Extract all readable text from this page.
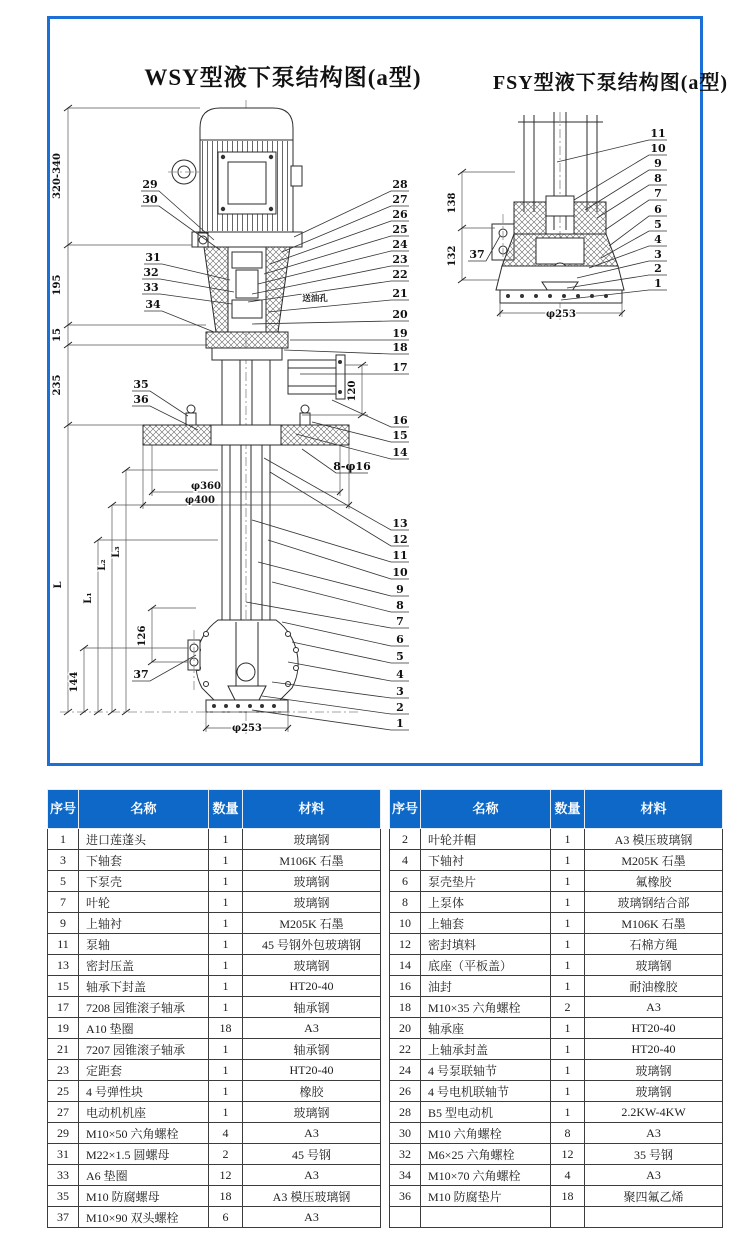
29
30
31
32
33
34
35
36
37
28
27
26
25
24
23
22
21
20
19
18
17
16
15
14
8-φ16
13
12
11
10
9
8
7
6
5
4
3
2
1
320-340
195
15
235
L
144
L₁
L₂
L₃
126
120
φ360
φ400
φ253
送油孔
37
11
10
9
8
7
6
5
4
3
2
1
138
132
φ253
WSY型液下泵结构图(a型)	FSY型液下泵结构图(a型)
序号	名称	数量	材料
1	进口莲蓬头	1	玻璃钢
3	下轴套	1	M106K 石墨
5	下泵壳	1	玻璃钢
7	叶轮	1	玻璃钢
9	上轴衬	1	M205K 石墨
11	泵轴	1	45 号钢外包玻璃钢
13	密封压盖	1	玻璃钢
15	轴承下封盖	1	HT20-40
17	7208 园锥滚子轴承	1	轴承钢
19	A10 垫圈	18	A3
21	7207 园锥滚子轴承	1	轴承钢
23	定距套	1	HT20-40
25	4 号弹性块	1	橡胶
27	电动机机座	1	玻璃钢
29	M10×50 六角螺栓	4	A3
31	M22×1.5 圆螺母	2	45 号钢
33	A6 垫圈	12	A3
35	M10 防腐螺母	18	A3 模压玻璃钢
37	M10×90 双头螺栓	6	A3
序号	名称	数量	材料
2	叶轮并帽	1	A3 模压玻璃钢
4	下轴衬	1	M205K 石墨
6	泵壳垫片	1	氟橡胶
8	上泵体	1	玻璃钢结合部
10	上轴套	1	M106K 石墨
12	密封填料	1	石棉方绳
14	底座（平板盖）	1	玻璃钢
16	油封	1	耐油橡胶
18	M10×35 六角螺栓	2	A3
20	轴承座	1	HT20-40
22	上轴承封盖	1	HT20-40
24	4 号泵联轴节	1	玻璃钢
26	4 号电机联轴节	1	玻璃钢
28	B5 型电动机	1	2.2KW-4KW
30	M10 六角螺栓	8	A3
32	M6×25 六角螺栓	12	35 号钢
34	M10×70 六角螺栓	4	A3
36	M10 防腐垫片	18	聚四氟乙烯
